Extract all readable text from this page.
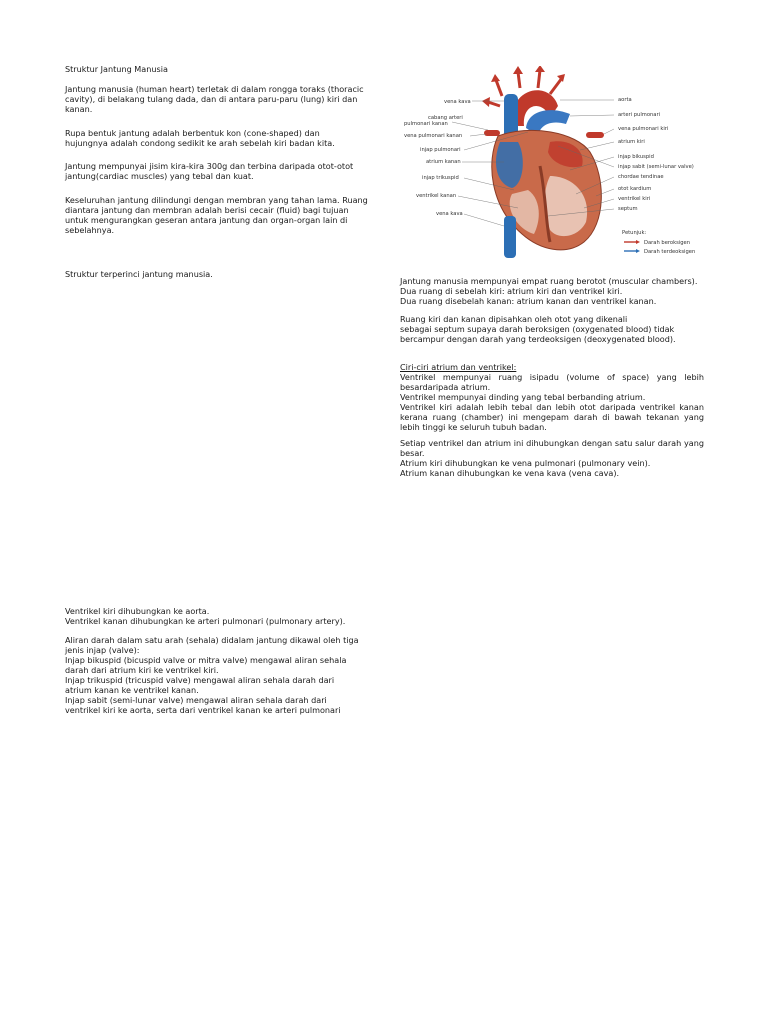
Struktur Jantung Manusia

Jantung manusia (human heart) terletak di dalam rongga toraks (thoracic cavity), di belakang tulang dada, dan di antara paru-paru (lung) kiri dan kanan.

Rupa bentuk jantung adalah berbentuk kon (cone-shaped) dan hujungnya adalah condong sedikit ke arah sebelah kiri badan kita.

Jantung mempunyai jisim kira-kira 300g dan terbina daripada otot-otot jantung(cardiac muscles) yang tebal dan kuat.

Keseluruhan jantung dilindungi dengan membran yang tahan lama. Ruang diantara jantung dan membran adalah berisi cecair (fluid) bagi tujuan untuk mengurangkan geseran antara jantung dan organ-organ lain di sebelahnya.

Struktur terperinci jantung manusia.
vena kava
cabang arteri
pulmonari kanan
vena pulmonari kanan
injap pulmonari
atrium kanan
injap trikuspid
ventrikel kanan
vena kava
aorta
arteri pulmonari
vena pulmonari kiri
atrium kiri
injap bikuspid
injap sabit (semi-lunar valve)
chordae tendinae
otot kardium
ventrikel kiri
septum
Petunjuk:
Darah beroksigen
Darah terdeoksigen

Jantung manusia mempunyai empat ruang berotot (muscular chambers).

Dua ruang di sebelah kiri: atrium kiri dan ventrikel kiri.

Dua ruang disebelah kanan: atrium kanan dan ventrikel kanan.

Ruang kiri dan kanan dipisahkan oleh otot yang dikenali

sebagai septum supaya darah beroksigen (oxygenated blood) tidak bercampur dengan darah yang terdeoksigen (deoxygenated blood).

Ciri-ciri atrium dan ventrikel:

Ventrikel mempunyai ruang isipadu (volume of space) yang lebih besardaripada atrium.

Ventrikel mempunyai dinding yang tebal berbanding atrium.

Ventrikel kiri adalah lebih tebal dan lebih otot daripada ventrikel kanan kerana ruang (chamber) ini mengepam darah di bawah tekanan yang lebih tinggi ke seluruh tubuh badan.

Setiap ventrikel dan atrium ini dihubungkan dengan satu salur darah yang besar.

Atrium kiri dihubungkan ke vena pulmonari (pulmonary vein).

Atrium kanan dihubungkan ke vena kava (vena cava).

Ventrikel kiri dihubungkan ke aorta.

Ventrikel kanan dihubungkan ke arteri pulmonari (pulmonary artery).

Aliran darah dalam satu arah (sehala) didalam jantung dikawal oleh tiga jenis injap (valve):

Injap bikuspid (bicuspid valve or mitra valve) mengawal aliran sehala darah dari atrium kiri ke ventrikel kiri.

Injap trikuspid (tricuspid valve) mengawal aliran sehala darah dari atrium kanan ke ventrikel kanan.

Injap sabit (semi-lunar valve) mengawal aliran sehala darah dari ventrikel kiri ke aorta, serta dari ventrikel kanan ke arteri pulmonari
